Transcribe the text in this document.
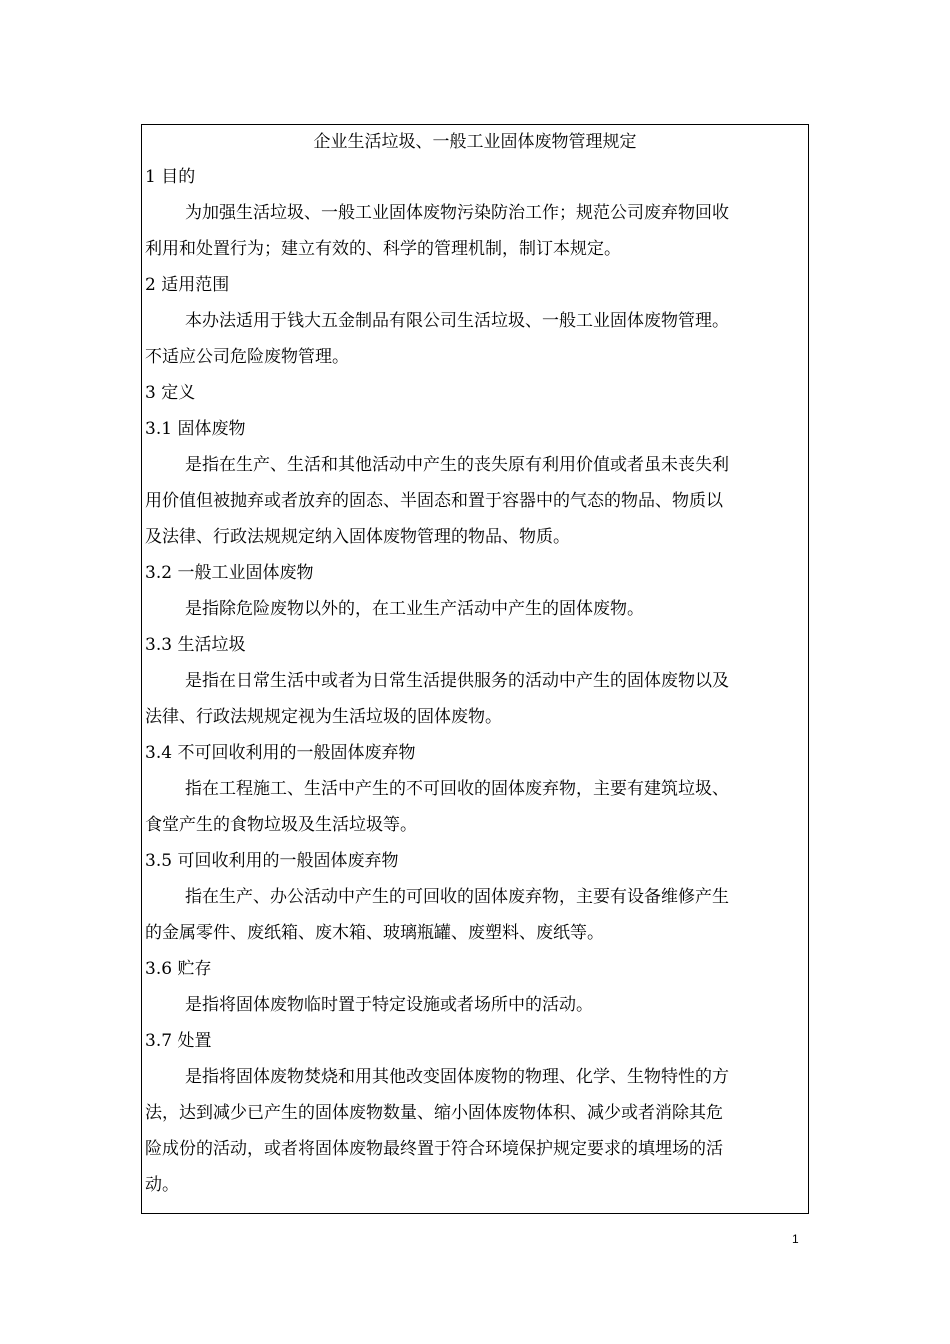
企业生活垃圾、一般工业固体废物管理规定
1 目的
为加强生活垃圾、一般工业固体废物污染防治工作；规范公司废弃物回收
利用和处置行为；建立有效的、科学的管理机制，制订本规定。
2 适用范围
本办法适用于钱大五金制品有限公司生活垃圾、一般工业固体废物管理。
不适应公司危险废物管理。
3 定义
3.1 固体废物
是指在生产、生活和其他活动中产生的丧失原有利用价值或者虽未丧失利
用价值但被抛弃或者放弃的固态、半固态和置于容器中的气态的物品、物质以
及法律、行政法规规定纳入固体废物管理的物品、物质。
3.2 一般工业固体废物
是指除危险废物以外的，在工业生产活动中产生的固体废物。
3.3 生活垃圾
是指在日常生活中或者为日常生活提供服务的活动中产生的固体废物以及
法律、行政法规规定视为生活垃圾的固体废物。
3.4 不可回收利用的一般固体废弃物
指在工程施工、生活中产生的不可回收的固体废弃物，主要有建筑垃圾、
食堂产生的食物垃圾及生活垃圾等。
3.5 可回收利用的一般固体废弃物
指在生产、办公活动中产生的可回收的固体废弃物，主要有设备维修产生
的金属零件、废纸箱、废木箱、玻璃瓶罐、废塑料、废纸等。
3.6 贮存
是指将固体废物临时置于特定设施或者场所中的活动。
3.7 处置
是指将固体废物焚烧和用其他改变固体废物的物理、化学、生物特性的方
法，达到减少已产生的固体废物数量、缩小固体废物体积、减少或者消除其危
险成份的活动，或者将固体废物最终置于符合环境保护规定要求的填埋场的活
动。
1
